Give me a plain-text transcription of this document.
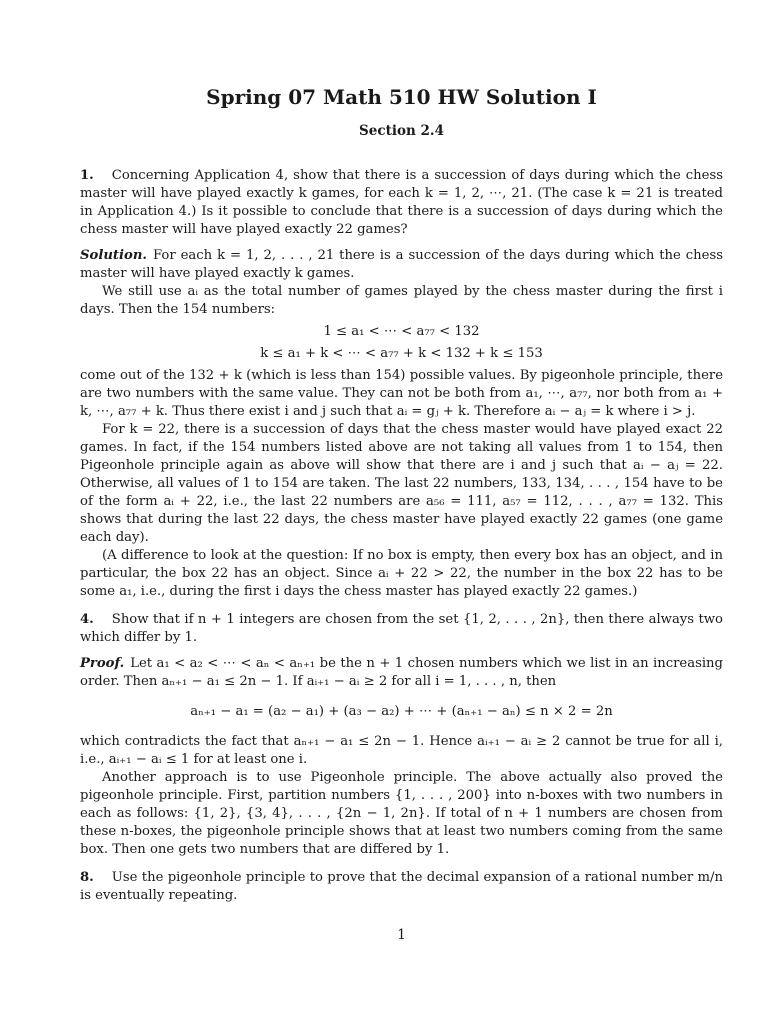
Spring 07 Math 510 HW Solution I
Section 2.4

1. Concerning Application 4, show that there is a succession of days during which the chess master will have played exactly k games, for each k = 1, 2, ⋯, 21. (The case k = 21 is treated in Application 4.) Is it possible to conclude that there is a succession of days during which the chess master will have played exactly 22 games?

Solution. For each k = 1, 2, . . . , 21 there is a succession of the days during which the chess master will have played exactly k games.

We still use aᵢ as the total number of games played by the chess master during the first i days. Then the 154 numbers:

1 ≤ a₁ < ⋯ < a₇₇ < 132
k ≤ a₁ + k < ⋯ < a₇₇ + k < 132 + k ≤ 153

come out of the 132 + k (which is less than 154) possible values. By pigeonhole principle, there are two numbers with the same value. They can not be both from a₁, ⋯, a₇₇, nor both from a₁ + k, ⋯, a₇₇ + k. Thus there exist i and j such that aᵢ = gⱼ + k. Therefore aᵢ − aⱼ = k where i > j.

For k = 22, there is a succession of days that the chess master would have played exact 22 games. In fact, if the 154 numbers listed above are not taking all values from 1 to 154, then Pigeonhole principle again as above will show that there are i and j such that aᵢ − aⱼ = 22. Otherwise, all values of 1 to 154 are taken. The last 22 numbers, 133, 134, . . . , 154 have to be of the form aᵢ + 22, i.e., the last 22 numbers are a₅₆ = 111, a₅₇ = 112, . . . , a₇₇ = 132. This shows that during the last 22 days, the chess master have played exactly 22 games (one game each day).

(A difference to look at the question: If no box is empty, then every box has an object, and in particular, the box 22 has an object. Since aᵢ + 22 > 22, the number in the box 22 has to be some a₁, i.e., during the first i days the chess master has played exactly 22 games.)

4. Show that if n + 1 integers are chosen from the set {1, 2, . . . , 2n}, then there always two which differ by 1.

Proof. Let a₁ < a₂ < ⋯ < aₙ < aₙ₊₁ be the n + 1 chosen numbers which we list in an increasing order. Then aₙ₊₁ − a₁ ≤ 2n − 1. If aᵢ₊₁ − aᵢ ≥ 2 for all i = 1, . . . , n, then

aₙ₊₁ − a₁ = (a₂ − a₁) + (a₃ − a₂) + ⋯ + (aₙ₊₁ − aₙ) ≤ n × 2 = 2n

which contradicts the fact that aₙ₊₁ − a₁ ≤ 2n − 1. Hence aᵢ₊₁ − aᵢ ≥ 2 cannot be true for all i, i.e., aᵢ₊₁ − aᵢ ≤ 1 for at least one i.

Another approach is to use Pigeonhole principle. The above actually also proved the pigeonhole principle. First, partition numbers {1, . . . , 200} into n-boxes with two numbers in each as follows: {1, 2}, {3, 4}, . . . , {2n − 1, 2n}. If total of n + 1 numbers are chosen from these n-boxes, the pigeonhole principle shows that at least two numbers coming from the same box. Then one gets two numbers that are differed by 1.

8. Use the pigeonhole principle to prove that the decimal expansion of a rational number m/n is eventually repeating.

1
